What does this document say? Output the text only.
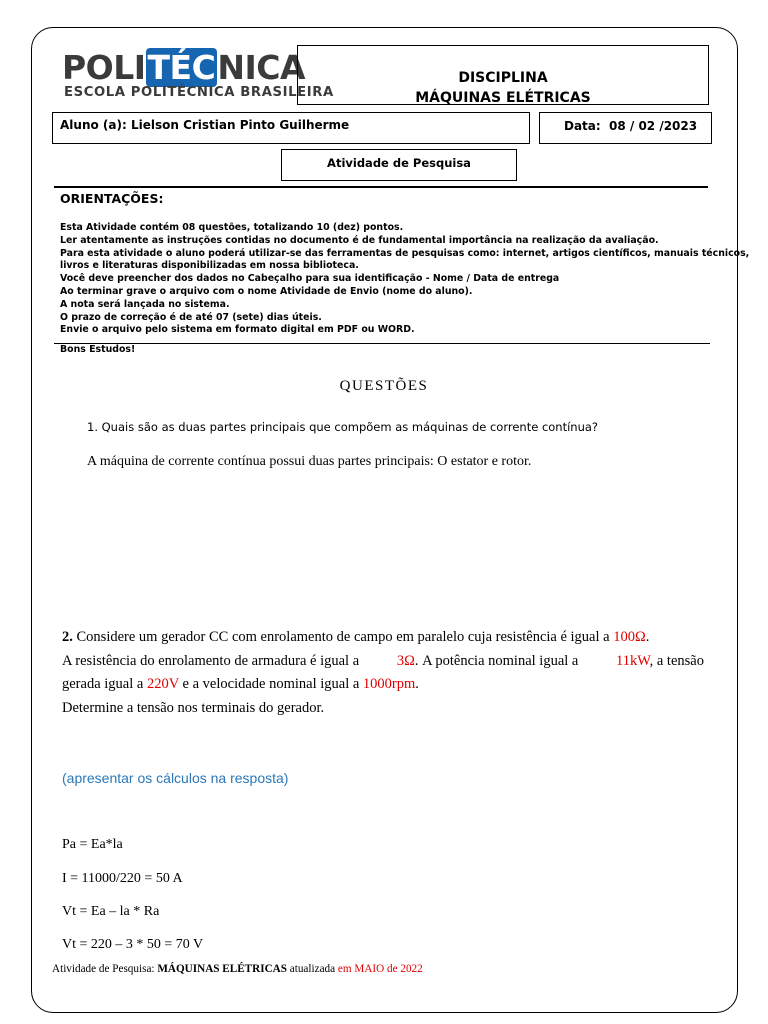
POLITÉCNICA
ESCOLA POLITÉCNICA BRASILEIRA
DISCIPLINA
MÁQUINAS ELÉTRICAS
Aluno (a): Lielson Cristian Pinto Guilherme	Data: 08 / 02 /2023
Atividade de Pesquisa
ORIENTAÇÕES:
Esta Atividade contém 08 questões, totalizando 10 (dez) pontos.
Ler atentamente as instruções contidas no documento é de fundamental importância na realização da avaliação.
Para esta atividade o aluno poderá utilizar-se das ferramentas de pesquisas como: internet, artigos científicos, manuais técnicos,
livros e literaturas disponibilizadas em nossa biblioteca.
Você deve preencher dos dados no Cabeçalho para sua identificação - Nome / Data de entrega
Ao terminar grave o arquivo com o nome Atividade de Envio (nome do aluno).
A nota será lançada no sistema.
O prazo de correção é de até 07 (sete) dias úteis.
Envie o arquivo pelo sistema em formato digital em PDF ou WORD.
Bons Estudos!
QUESTÕES
1. Quais são as duas partes principais que compõem as máquinas de corrente contínua?
A máquina de corrente contínua possui duas partes principais: O estator e rotor.
2. Considere um gerador CC com enrolamento de campo em paralelo cuja resistência é igual a 100Ω.
A resistência do enrolamento de armadura é igual a	3Ω. A potência nominal igual a	11kW, a tensão
gerada igual a 220V e a velocidade nominal igual a 1000rpm.
Determine a tensão nos terminais do gerador.
(apresentar os cálculos na resposta)
Pa = Ea*la
I = 11000/220 = 50 A
Vt = Ea – la * Ra
Vt = 220 – 3 * 50 = 70 V
Atividade de Pesquisa: MÁQUINAS ELÉTRICAS atualizada em MAIO de 2022
